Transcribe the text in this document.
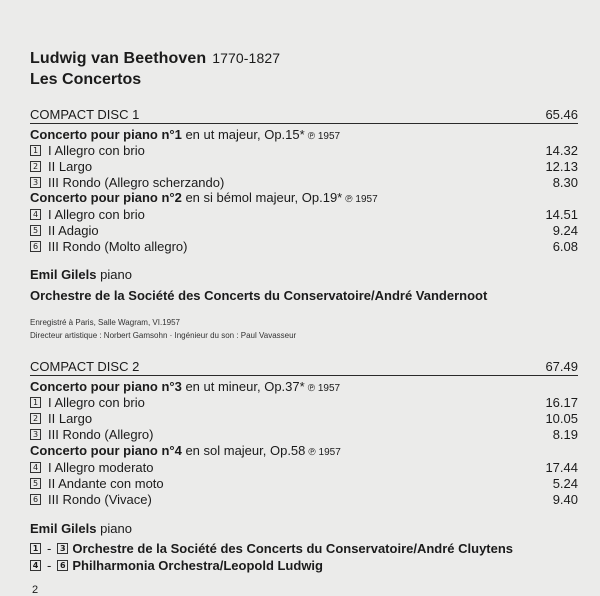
Ludwig van Beethoven 1770-1827
Les Concertos
COMPACT DISC 1	65.46
Concerto pour piano n°1 en ut majeur, Op.15* ℗ 1957
1 I Allegro con brio	14.32
2 II Largo	12.13
3 III Rondo (Allegro scherzando)	8.30
Concerto pour piano n°2 en si bémol majeur, Op.19* ℗ 1957
4 I Allegro con brio	14.51
5 II Adagio	9.24
6 III Rondo (Molto allegro)	6.08
Emil Gilels piano
Orchestre de la Société des Concerts du Conservatoire/André Vandernoot
Enregistré à Paris, Salle Wagram, VI.1957
Directeur artistique : Norbert Gamsohn · Ingénieur du son : Paul Vavasseur
COMPACT DISC 2	67.49
Concerto pour piano n°3 en ut mineur, Op.37* ℗ 1957
1 I Allegro con brio	16.17
2 II Largo	10.05
3 III Rondo (Allegro)	8.19
Concerto pour piano n°4 en sol majeur, Op.58 ℗ 1957
4 I Allegro moderato	17.44
5 II Andante con moto	5.24
6 III Rondo (Vivace)	9.40
Emil Gilels piano
1 -	3 Orchestre de la Société des Concerts du Conservatoire/André Cluytens
4 -	6 Philharmonia Orchestra/Leopold Ludwig
2
